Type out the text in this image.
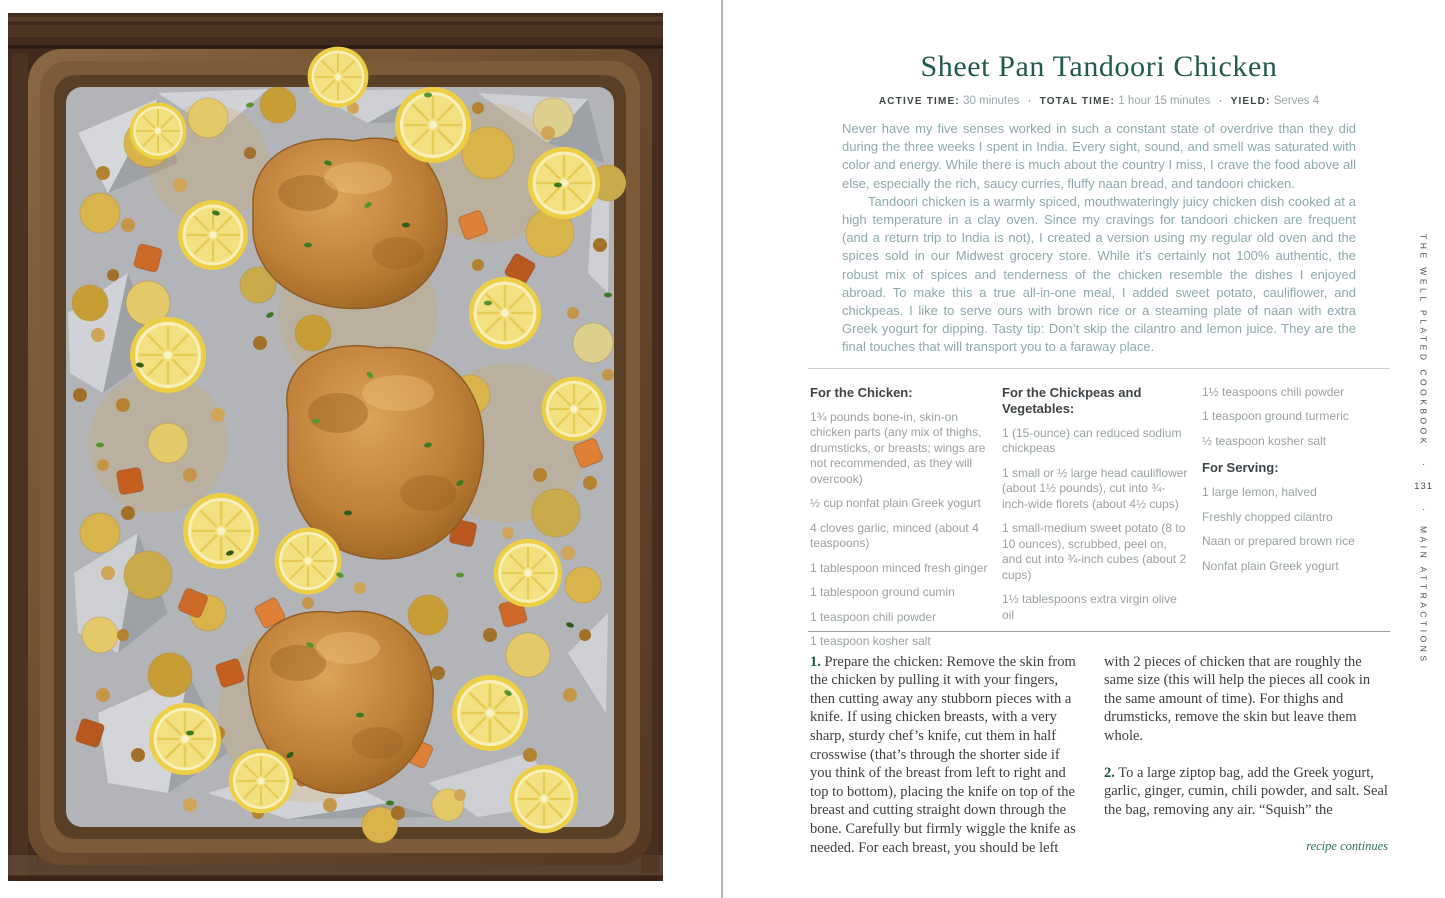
Sheet Pan Tandoori Chicken
ACTIVE TIME: 30 minutes · TOTAL TIME: 1 hour 15 minutes · YIELD: Serves 4

Never have my five senses worked in such a constant state of overdrive than they did during the three weeks I spent in India. Every sight, sound, and smell was saturated with color and energy. While there is much about the country I miss, I crave the food above all else, especially the rich, saucy curries, fluffy naan bread, and tandoori chicken.

Tandoori chicken is a warmly spiced, mouthwateringly juicy chicken dish cooked at a high temperature in a clay oven. Since my cravings for tandoori chicken are frequent (and a return trip to India is not), I created a version using my regular old oven and the spices sold in our Midwest grocery store. While it’s certainly not 100% authentic, the robust mix of spices and tenderness of the chicken resemble the dishes I enjoyed abroad. To make this a true all-in-one meal, I added sweet potato, cauliflower, and chickpeas. I like to serve ours with brown rice or a steaming plate of naan with extra Greek yogurt for dipping. Tasty tip: Don’t skip the cilantro and lemon juice. They are the final touches that will transport you to a faraway place.

For the Chicken:

1¾ pounds bone-in, skin-on chicken parts (any mix of thighs, drumsticks, or breasts; wings are not recommended, as they will overcook)

½ cup nonfat plain Greek yogurt

4 cloves garlic, minced (about 4 teaspoons)

1 tablespoon minced fresh ginger

1 tablespoon ground cumin

1 teaspoon chili powder

1 teaspoon kosher salt

For the Chickpeas and Vegetables:

1 (15-ounce) can reduced sodium chickpeas

1 small or ½ large head cauliflower (about 1½ pounds), cut into ¾-inch-wide florets (about 4½ cups)

1 small-medium sweet potato (8 to 10 ounces), scrubbed, peel on, and cut into ¾-inch cubes (about 2 cups)

1½ tablespoons extra virgin olive oil

1½ teaspoons chili powder

1 teaspoon ground turmeric

½ teaspoon kosher salt

For Serving:

1 large lemon, halved

Freshly chopped cilantro

Naan or prepared brown rice

Nonfat plain Greek yogurt

1. Prepare the chicken: Remove the skin from the chicken by pulling it with your fingers, then cutting away any stubborn pieces with a knife. If using chicken breasts, with a very sharp, sturdy chef’s knife, cut them in half crosswise (that’s through the shorter side if you think of the breast from left to right and top to bottom), placing the knife on top of the breast and cutting straight down through the bone. Carefully but firmly wiggle the knife as needed. For each breast, you should be left

with 2 pieces of chicken that are roughly the same size (this will help the pieces all cook in the same amount of time). For thighs and drumsticks, remove the skin but leave them whole.

2. To a large ziptop bag, add the Greek yogurt, garlic, ginger, cumin, chili powder, and salt. Seal the bag, removing any air. “Squish” the

recipe continues

THE WELL PLATED COOKBOOK
·
131
·
MAIN ATTRACTIONS
